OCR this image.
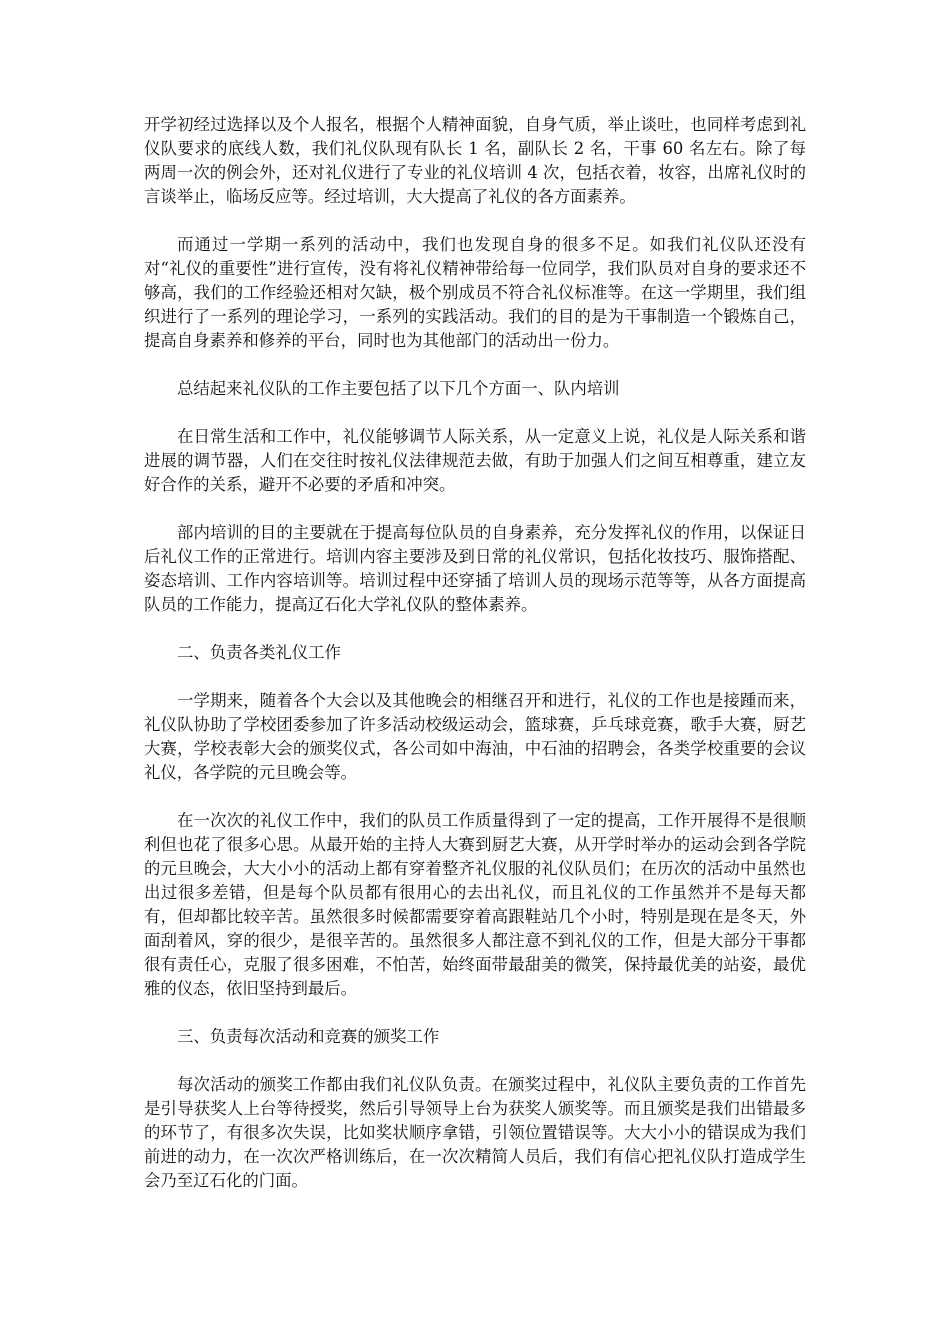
开学初经过选择以及个人报名，根据个人精神面貌，自身气质，举止谈吐，也同样考虑到礼仪队要求的底线人数，我们礼仪队现有队长 1 名，副队长 2 名，干事 60 名左右。除了每两周一次的例会外，还对礼仪进行了专业的礼仪培训 4 次，包括衣着，妆容，出席礼仪时的言谈举止，临场反应等。经过培训，大大提高了礼仪的各方面素养。

而通过一学期一系列的活动中，我们也发现自身的很多不足。如我们礼仪队还没有对“礼仪的重要性”进行宣传，没有将礼仪精神带给每一位同学，我们队员对自身的要求还不够高，我们的工作经验还相对欠缺，极个别成员不符合礼仪标准等。在这一学期里，我们组织进行了一系列的理论学习，一系列的实践活动。我们的目的是为干事制造一个锻炼自己，提高自身素养和修养的平台，同时也为其他部门的活动出一份力。

总结起来礼仪队的工作主要包括了以下几个方面一、队内培训

在日常生活和工作中，礼仪能够调节人际关系，从一定意义上说，礼仪是人际关系和谐进展的调节器，人们在交往时按礼仪法律规范去做，有助于加强人们之间互相尊重，建立友好合作的关系，避开不必要的矛盾和冲突。

部内培训的目的主要就在于提高每位队员的自身素养，充分发挥礼仪的作用，以保证日后礼仪工作的正常进行。培训内容主要涉及到日常的礼仪常识，包括化妆技巧、服饰搭配、姿态培训、工作内容培训等。培训过程中还穿插了培训人员的现场示范等等，从各方面提高队员的工作能力，提高辽石化大学礼仪队的整体素养。

二、负责各类礼仪工作

一学期来，随着各个大会以及其他晚会的相继召开和进行，礼仪的工作也是接踵而来，礼仪队协助了学校团委参加了许多活动校级运动会，篮球赛，乒乓球竞赛，歌手大赛，厨艺大赛，学校表彰大会的颁奖仪式，各公司如中海油，中石油的招聘会，各类学校重要的会议礼仪，各学院的元旦晚会等。

在一次次的礼仪工作中，我们的队员工作质量得到了一定的提高，工作开展得不是很顺利但也花了很多心思。从最开始的主持人大赛到厨艺大赛，从开学时举办的运动会到各学院的元旦晚会，大大小小的活动上都有穿着整齐礼仪服的礼仪队员们；在历次的活动中虽然也出过很多差错，但是每个队员都有很用心的去出礼仪，而且礼仪的工作虽然并不是每天都有，但却都比较辛苦。虽然很多时候都需要穿着高跟鞋站几个小时，特别是现在是冬天，外面刮着风，穿的很少，是很辛苦的。虽然很多人都注意不到礼仪的工作，但是大部分干事都很有责任心，克服了很多困难，不怕苦，始终面带最甜美的微笑，保持最优美的站姿，最优雅的仪态，依旧坚持到最后。

三、负责每次活动和竞赛的颁奖工作

每次活动的颁奖工作都由我们礼仪队负责。在颁奖过程中，礼仪队主要负责的工作首先是引导获奖人上台等待授奖，然后引导领导上台为获奖人颁奖等。而且颁奖是我们出错最多的环节了，有很多次失误，比如奖状顺序拿错，引领位置错误等。大大小小的错误成为我们前进的动力，在一次次严格训练后，在一次次精简人员后，我们有信心把礼仪队打造成学生会乃至辽石化的门面。
